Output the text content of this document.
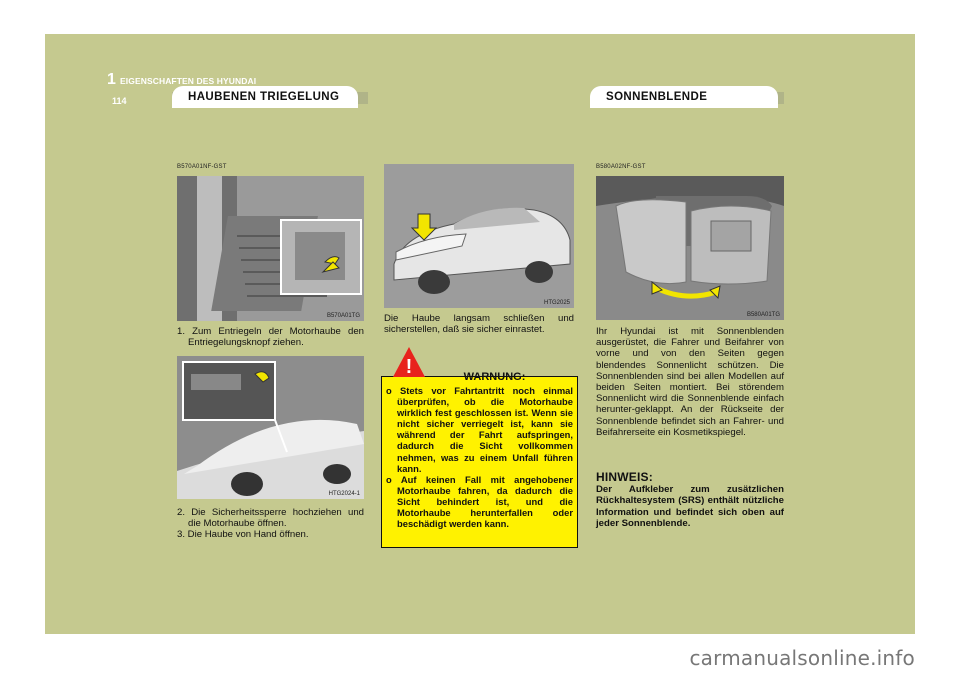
1 EIGENSCHAFTEN DES HYUNDAI
114	HAUBENEN TRIEGELUNG	SONNENBLENDE
B570A01NF-GST
B570A01TG
1. Zum Entriegeln der Motorhaube den Entriegelungsknopf ziehen.
HTG2024-1
2. Die Sicherheitssperre hochziehen und die Motorhaube öffnen.
3. Die Haube von Hand öffnen.
HTG2025
Die Haube langsam schließen und sicherstellen, daß sie sicher einrastet.
WARNUNG:
o Stets vor Fahrtantritt noch einmal überprüfen, ob die Motorhaube wirklich fest geschlossen ist. Wenn sie nicht sicher verriegelt ist, kann sie während der Fahrt aufspringen, dadurch die Sicht vollkommen nehmen, was zu einem Unfall führen kann.
o Auf keinen Fall mit angehobener Motorhaube fahren, da dadurch die Sicht behindert ist, und die Motorhaube herunterfallen oder beschädigt werden kann.
!
B580A02NF-GST
B580A01TG
Ihr Hyundai ist mit Sonnenblenden ausgerüstet, die Fahrer und Beifahrer von vorne und von den Seiten gegen blendendes Sonnenlicht schützen. Die Sonnenblenden sind bei allen Modellen auf beiden Seiten montiert. Bei störendem Sonnenlicht wird die Sonnenblende einfach herunter-geklappt. An der Rückseite der Sonnenblende befindet sich an Fahrer- und Beifahrerseite ein Kosmetikspiegel.
HINWEIS:
Der Aufkleber zum zusätzlichen Rückhaltesystem (SRS) enthält nützliche Information und befindet sich oben auf jeder Sonnenblende.
carmanualsonline.info
